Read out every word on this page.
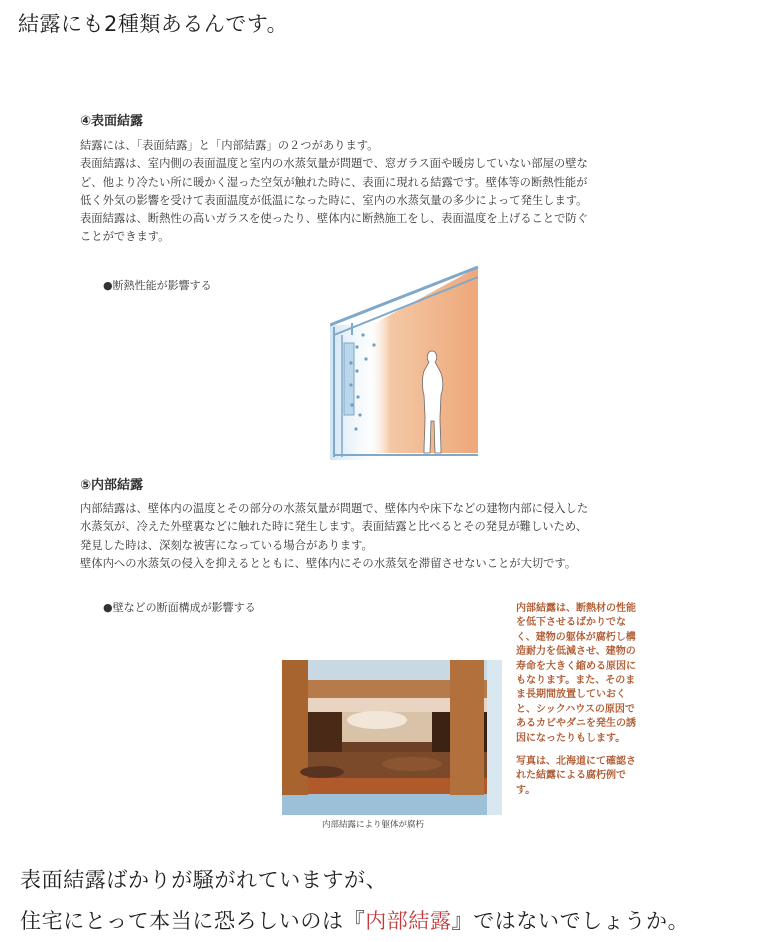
結露にも2種類あるんです。
④表面結露

結露には、「表面結露」と「内部結露」の２つがあります。

表面結露は、室内側の表面温度と室内の水蒸気量が問題で、窓ガラス面や暖房していない部屋の壁な

ど、他より冷たい所に暖かく湿った空気が触れた時に、表面に現れる結露です。壁体等の断熱性能が

低く外気の影響を受けて表面温度が低温になった時に、室内の水蒸気量の多少によって発生します。

表面結露は、断熱性の高いガラスを使ったり、壁体内に断熱施工をし、表面温度を上げることで防ぐ

ことができます。

●断熱性能が影響する
⑤内部結露

内部結露は、壁体内の温度とその部分の水蒸気量が問題で、壁体内や床下などの建物内部に侵入した

水蒸気が、冷えた外壁裏などに触れた時に発生します。表面結露と比べるとその発見が難しいため、

発見した時は、深刻な被害になっている場合があります。

壁体内への水蒸気の侵入を抑えるとともに、壁体内にその水蒸気を滞留させないことが大切です。

●壁などの断面構成が影響する
内部結露により躯体が腐朽

内部結露は、断熱材の性能を低下させるばかりでなく、建物の躯体が腐朽し構造耐力を低減させ、建物の寿命を大きく縮める原因にもなります。また、そのまま長期間放置していおくと、シックハウスの原因であるカビやダニを発生の誘因になったりもします。

写真は、北海道にて確認された結露による腐朽例です。

表面結露ばかりが騒がれていますが、
住宅にとって本当に恐ろしいのは『内部結露』ではないでしょうか。
